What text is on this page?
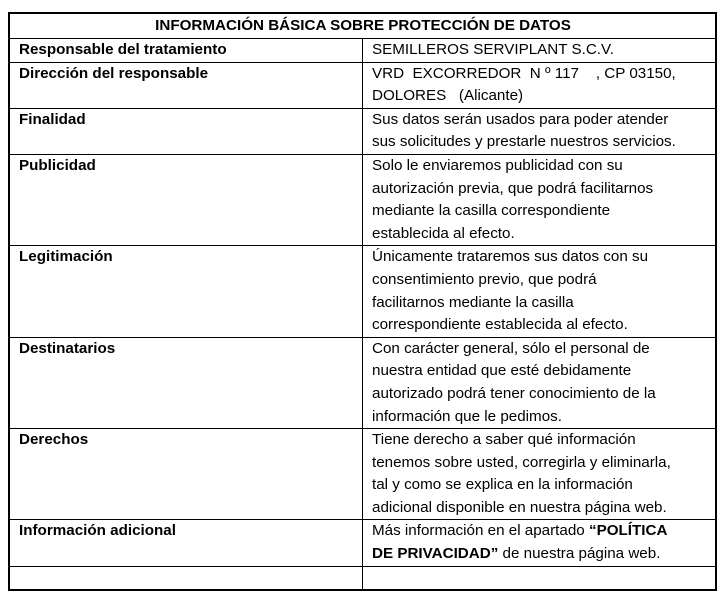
INFORMACIÓN BÁSICA SOBRE PROTECCIÓN DE DATOS	
Responsable del tratamiento	SEMILLEROS SERVIPLANT S.C.V.
Dirección del responsable	VRD  EXCORREDOR  N º 117    , CP 03150,
DOLORES   (Alicante)

Finalidad	Sus datos serán usados para poder atender
sus solicitudes y prestarle nuestros servicios.

Publicidad	Solo le enviaremos publicidad con su
autorización previa, que podrá facilitarnos
mediante la casilla correspondiente
establecida al efecto.

Legitimación	Únicamente trataremos sus datos con su
consentimiento previo, que podrá
facilitarnos mediante la casilla
correspondiente establecida al efecto.

Destinatarios	Con carácter general, sólo el personal de
nuestra entidad que esté debidamente
autorizado podrá tener conocimiento de la
información que le pedimos.

Derechos	Tiene derecho a saber qué información
tenemos sobre usted, corregirla y eliminarla,
tal y como se explica en la información
adicional disponible en nuestra página web.

Información adicional	Más información en el apartado “POLÍTICA
DE PRIVACIDAD” de nuestra página web.
